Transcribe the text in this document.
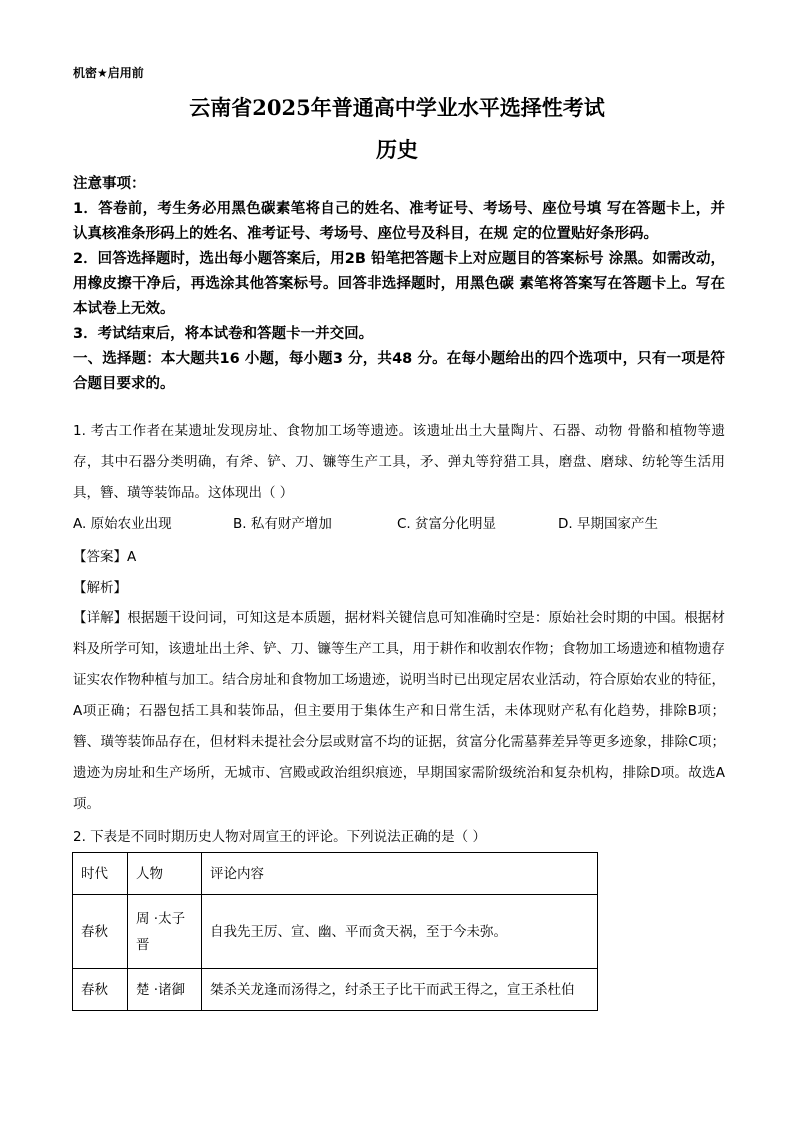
机密★启用前
云南省2025年普通高中学业水平选择性考试
历史
注意事项：
1．答卷前，考生务必用黑色碳素笔将自己的姓名、准考证号、考场号、座位号填 写在答题卡上，并认真核准条形码上的姓名、准考证号、考场号、座位号及科目，在规 定的位置贴好条形码。
2．回答选择题时，选出每小题答案后，用2B 铅笔把答题卡上对应题目的答案标号 涂黑。如需改动，用橡皮擦干净后，再选涂其他答案标号。回答非选择题时，用黑色碳 素笔将答案写在答题卡上。写在本试卷上无效。
3．考试结束后，将本试卷和答题卡一并交回。
一、选择题：本大题共16 小题，每小题3 分，共48 分。在每小题给出的四个选项中，只有一项是符合题目要求的。
1. 考古工作者在某遗址发现房址、食物加工场等遗迹。该遗址出土大量陶片、石器、动物 骨骼和植物等遗存，其中石器分类明确，有斧、铲、刀、镰等生产工具，矛、弹丸等狩猎工具，磨盘、磨球、纺轮等生活用具，簪、璜等装饰品。这体现出（ ）
A. 原始农业出现	B. 私有财产增加	C. 贫富分化明显	D. 早期国家产生
【答案】A
【解析】
【详解】根据题干设问词，可知这是本质题，据材料关键信息可知准确时空是：原始社会时期的中国。根据材料及所学可知，该遗址出土斧、铲、刀、镰等生产工具，用于耕作和收割农作物；食物加工场遗迹和植物遗存证实农作物种植与加工。结合房址和食物加工场遗迹，说明当时已出现定居农业活动，符合原始农业的特征，A项正确；石器包括工具和装饰品，但主要用于集体生产和日常生活，未体现财产私有化趋势，排除B项；簪、璜等装饰品存在，但材料未提社会分层或财富不均的证据，贫富分化需墓葬差异等更多迹象，排除C项；遗迹为房址和生产场所，无城市、宫殿或政治组织痕迹，早期国家需阶级统治和复杂机构，排除D项。故选A项。
2. 下表是不同时期历史人物对周宣王的评论。下列说法正确的是（ ）
时代	人物	评论内容
春秋	周 ·太子晋	自我先王厉、宣、幽、平而贪天祸，至于今未弥。
春秋	楚 ·诸御	桀杀关龙逢而汤得之，纣杀王子比干而武王得之，宣王杀杜伯
